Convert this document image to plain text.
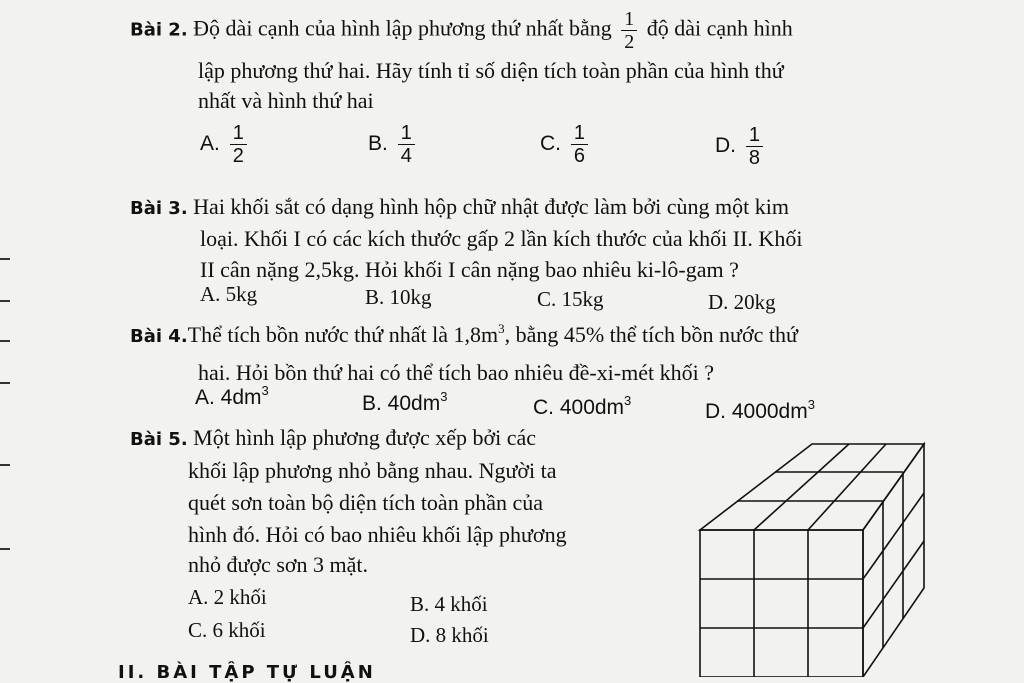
Bài 2. Độ dài cạnh của hình lập phương thứ nhất bằng $\frac{1}{2}$ độ dài cạnh hình
lập phương thứ hai. Hãy tính tỉ số diện tích toàn phần của hình thứ
nhất và hình thứ hai
A. $\frac{1}{2}$	B. $\frac{1}{4}$	C. $\frac{1}{6}$	D. $\frac{1}{8}$
Bài 3. Hai khối sắt có dạng hình hộp chữ nhật được làm bởi cùng một kim
loại. Khối I có các kích thước gấp 2 lần kích thước của khối II. Khối
II cân nặng 2,5kg. Hỏi khối I cân nặng bao nhiêu ki-lô-gam ?
A. 5kg	B. 10kg	C. 15kg	D. 20kg
Bài 4.Thể tích bồn nước thứ nhất là $1,8m^3$, bằng 45% thể tích bồn nước thứ
hai. Hỏi bồn thứ hai có thể tích bao nhiêu đề-xi-mét khối ?
A. $4dm^3$
B. $40dm^3$	C. $400dm^3$	D. $4000dm^3$
Bài 5. Một hình lập phương được xếp bởi các
khối lập phương nhỏ bằng nhau. Người ta
quét sơn toàn bộ diện tích toàn phần của
hình đó. Hỏi có bao nhiêu khối lập phương
nhỏ được sơn 3 mặt.
A. 2 khối	B. 4 khối
C. 6 khối	D. 8 khối
II. BÀI TẬP TỰ LUẬN
